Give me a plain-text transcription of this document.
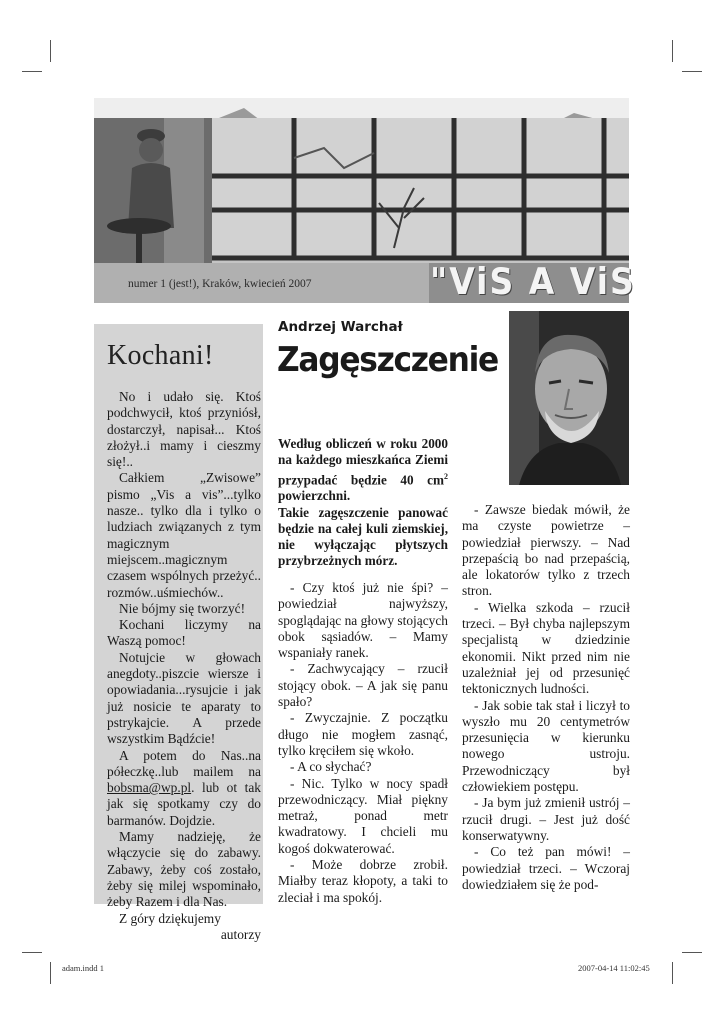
numer 1 (jest!), Kraków, kwiecień 2007	"ViS A ViS
Kochani!
No i udało się. Ktoś podchwycił, ktoś przyniósł, dostarczył, napisał... Ktoś złożył..i mamy i cieszmy się!..
Całkiem „Zwisowe” pismo „Vis a vis”...tylko nasze.. tylko dla i tylko o ludziach związanych z tym magicznym miejscem..magicznym czasem wspólnych przeżyć.. rozmów..uśmiechów..
Nie bójmy się tworzyć!
Kochani liczymy na Waszą pomoc!
Notujcie w głowach anegdoty..piszcie wiersze i opowiadania...rysujcie i jak już nosicie te aparaty to pstrykajcie. A przede wszystkim Bądźcie!
A potem do Nas..na półeczkę..lub mailem na bobsma@wp.pl. lub ot tak jak się spotkamy czy do barmanów. Dojdzie.
Mamy nadzieję, że włączycie się do zabawy. Zabawy, żeby coś zostało, żeby się milej wspominało, żeby Razem i dla Nas.
Z góry dziękujemy
autorzy
Andrzej Warchał
Zagęszczenie
Według obliczeń w roku 2000 na każdego mieszkańca Ziemi przypadać będzie 40 $cm^2$ powierzchni.
Takie zagęszczenie panować będzie na całej kuli ziemskiej, nie wyłączając płytszych przybrzeżnych mórz.
- Czy ktoś już nie śpi? – powiedział najwyższy, spoglądając na głowy stojących obok sąsiadów. – Mamy wspaniały ranek.
- Zachwycający – rzucił stojący obok. – A jak się panu spało?
- Zwyczajnie. Z początku długo nie mogłem zasnąć, tylko kręciłem się wkoło.
- A co słychać?
- Nic. Tylko w nocy spadł przewodniczący. Miał piękny metraż, ponad metr kwadratowy. I chcieli mu kogoś dokwaterować.
- Może dobrze zrobił. Miałby teraz kłopoty, a taki to zleciał i ma spokój.
- Zawsze biedak mówił, że ma czyste powietrze – powiedział pierwszy. – Nad przepaścią bo nad przepaścią, ale lokatorów tylko z trzech stron.
- Wielka szkoda – rzucił trzeci. – Był chyba najlepszym specjalistą w dziedzinie ekonomii. Nikt przed nim nie uzależniał jej od przesunięć tektonicznych ludności.
- Jak sobie tak stał i liczył to wyszło mu 20 centymetrów przesunięcia w kierunku nowego ustroju. Przewodniczący był człowiekiem postępu.
- Ja bym już zmienił ustrój – rzucił drugi. – Jest już dość konserwatywny.
- Co też pan mówi! – powiedział trzeci. – Wczoraj dowiedziałem się że pod-
adam.indd 1	2007-04-14 11:02:45
